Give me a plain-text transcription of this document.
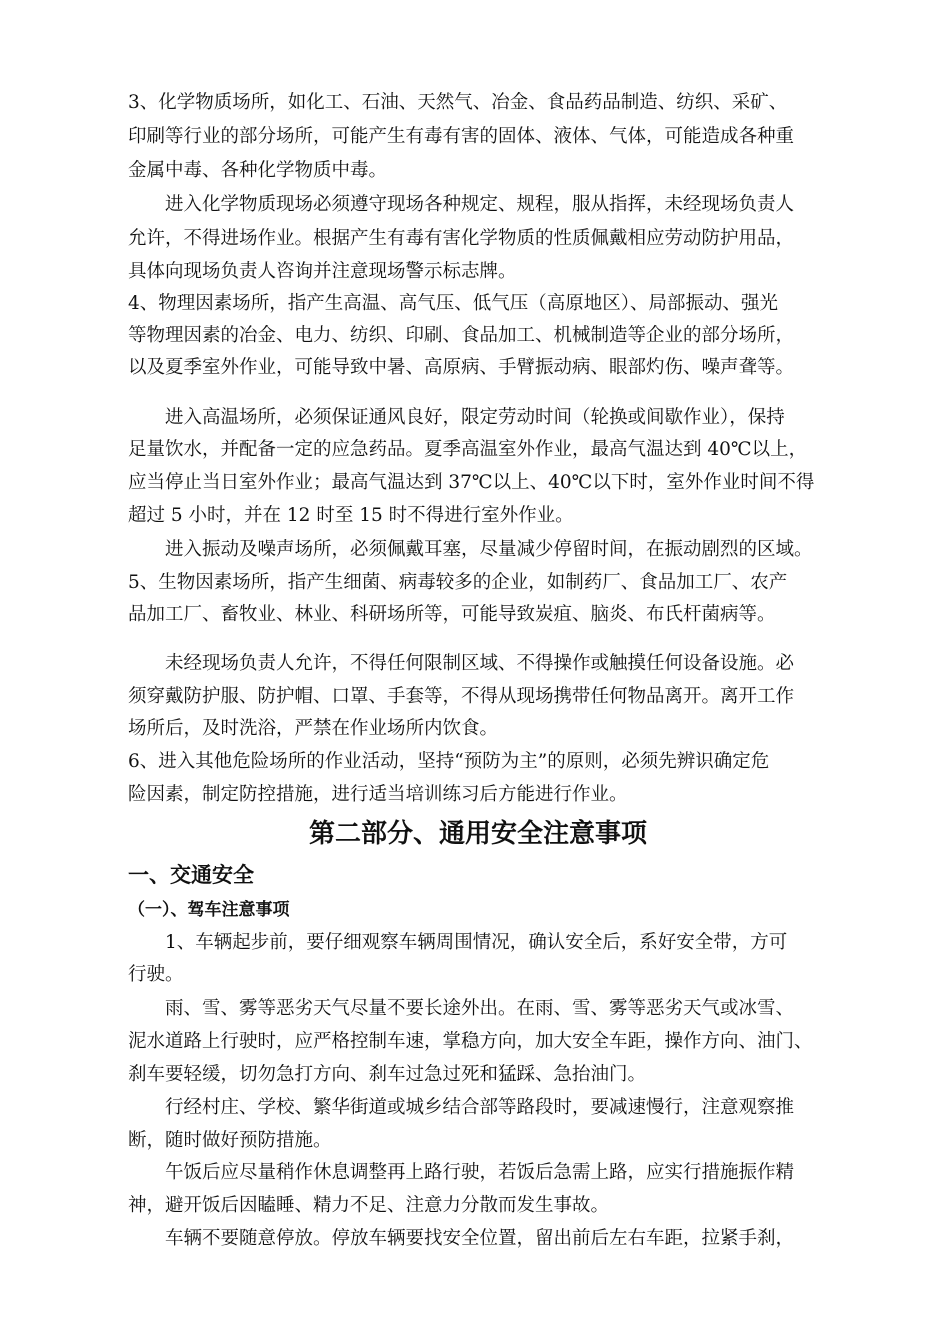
3、化学物质场所，如化工、石油、天然气、冶金、食品药品制造、纺织、采矿、
印刷等行业的部分场所，可能产生有毒有害的固体、液体、气体，可能造成各种重
金属中毒、各种化学物质中毒。
进入化学物质现场必须遵守现场各种规定、规程，服从指挥，未经现场负责人
允许，不得进场作业。根据产生有毒有害化学物质的性质佩戴相应劳动防护用品，
具体向现场负责人咨询并注意现场警示标志牌。
4、物理因素场所，指产生高温、高气压、低气压（高原地区）、局部振动、强光
等物理因素的冶金、电力、纺织、印刷、食品加工、机械制造等企业的部分场所，
以及夏季室外作业，可能导致中暑、高原病、手臂振动病、眼部灼伤、噪声聋等。
进入高温场所，必须保证通风良好，限定劳动时间（轮换或间歇作业），保持
足量饮水，并配备一定的应急药品。夏季高温室外作业，最高气温达到 40℃以上，
应当停止当日室外作业；最高气温达到 37℃以上、40℃以下时，室外作业时间不得
超过 5 小时，并在 12 时至 15 时不得进行室外作业。
进入振动及噪声场所，必须佩戴耳塞，尽量减少停留时间，在振动剧烈的区域。
5、生物因素场所，指产生细菌、病毒较多的企业，如制药厂、食品加工厂、农产
品加工厂、畜牧业、林业、科研场所等，可能导致炭疽、脑炎、布氏杆菌病等。
未经现场负责人允许，不得任何限制区域、不得操作或触摸任何设备设施。必
须穿戴防护服、防护帽、口罩、手套等，不得从现场携带任何物品离开。离开工作
场所后，及时洗浴，严禁在作业场所内饮食。
6、进入其他危险场所的作业活动，坚持“预防为主”的原则，必须先辨识确定危
险因素，制定防控措施，进行适当培训练习后方能进行作业。
第二部分、通用安全注意事项
一、交通安全
（一）、驾车注意事项
1、车辆起步前，要仔细观察车辆周围情况，确认安全后，系好安全带，方可
行驶。
雨、雪、雾等恶劣天气尽量不要长途外出。在雨、雪、雾等恶劣天气或冰雪、
泥水道路上行驶时，应严格控制车速，掌稳方向，加大安全车距，操作方向、油门、
刹车要轻缓，切勿急打方向、刹车过急过死和猛踩、急抬油门。
行经村庄、学校、繁华街道或城乡结合部等路段时，要减速慢行，注意观察推
断，随时做好预防措施。
午饭后应尽量稍作休息调整再上路行驶，若饭后急需上路，应实行措施振作精
神，避开饭后因瞌睡、精力不足、注意力分散而发生事故。
车辆不要随意停放。停放车辆要找安全位置，留出前后左右车距，拉紧手刹，
